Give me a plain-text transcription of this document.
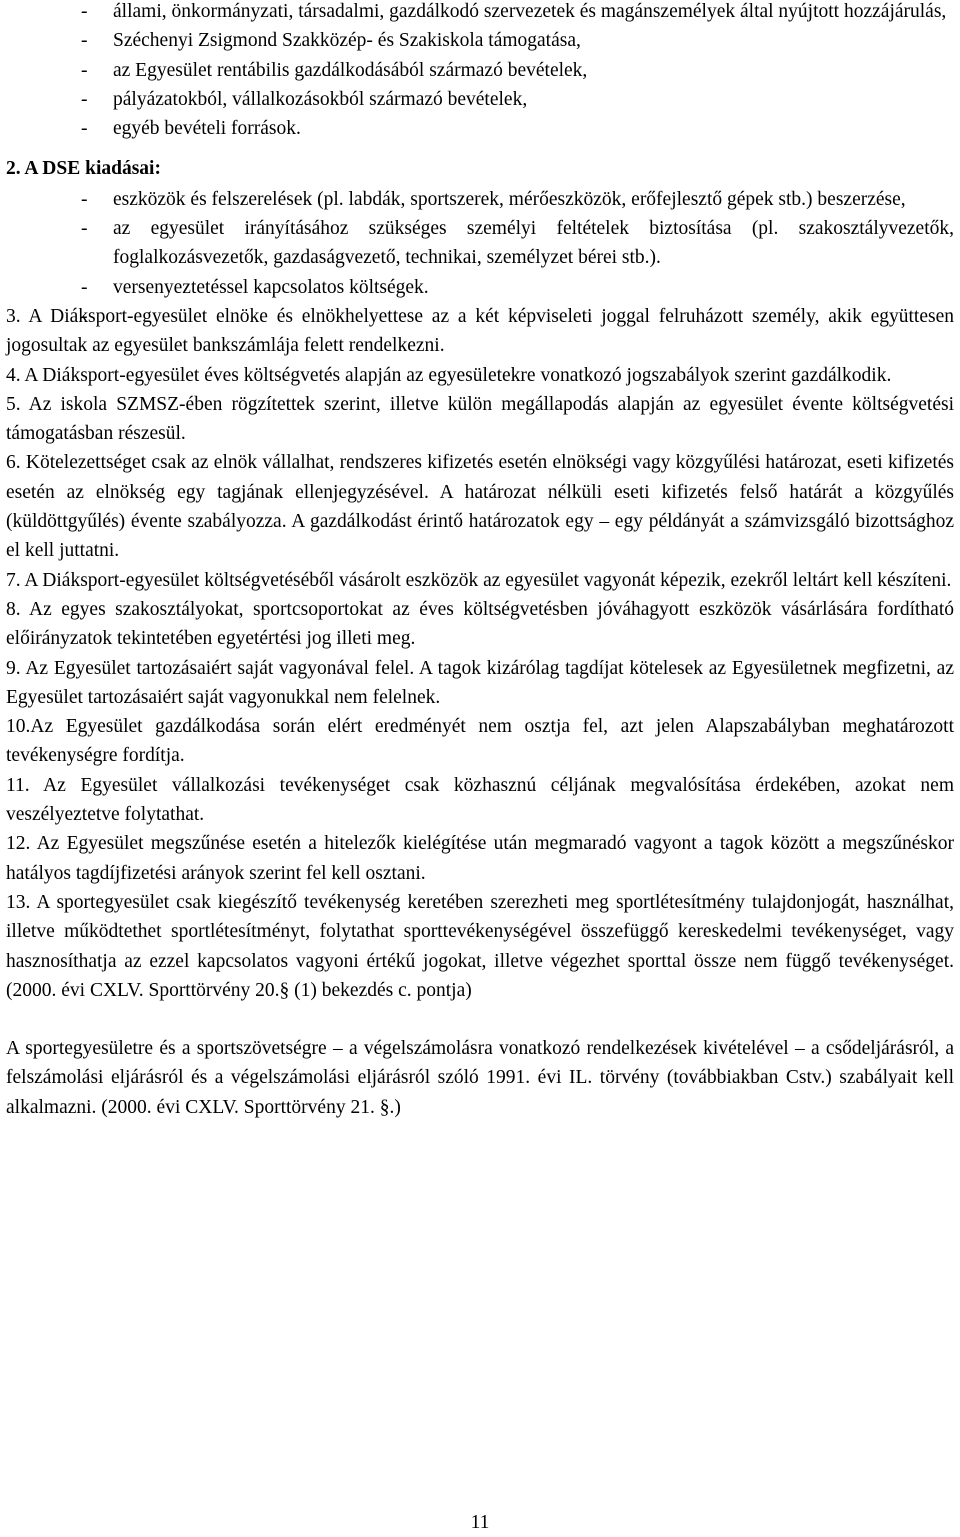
- állami, önkormányzati, társadalmi, gazdálkodó szervezetek és magánszemélyek által nyújtott hozzájárulás,
- Széchenyi Zsigmond Szakközép- és Szakiskola támogatása,
- az Egyesület rentábilis gazdálkodásából származó bevételek,
- pályázatokból, vállalkozásokból származó bevételek,
- egyéb bevételi források.
2. A DSE kiadásai:
- eszközök és felszerelések (pl. labdák, sportszerek, mérőeszközök, erőfejlesztő gépek stb.) beszerzése,
- az egyesület irányításához szükséges személyi feltételek biztosítása (pl. szakosztályvezetők, foglalkozásvezetők, gazdaságvezető, technikai, személyzet bérei stb.).
- versenyeztetéssel kapcsolatos költségek.

3. A Diáksport-egyesület elnöke és elnökhelyettese az a két képviseleti joggal felruházott személy, akik együttesen jogosultak az egyesület bankszámlája felett rendelkezni.

4. A Diáksport-egyesület éves költségvetés alapján az egyesületekre vonatkozó jogszabályok szerint gazdálkodik.

5. Az iskola SZMSZ-ében rögzítettek szerint, illetve külön megállapodás alapján az egyesület évente költségvetési támogatásban részesül.

6. Kötelezettséget csak az elnök vállalhat, rendszeres kifizetés esetén elnökségi vagy közgyűlési határozat, eseti kifizetés esetén az elnökség egy tagjának ellenjegyzésével. A határozat nélküli eseti kifizetés felső határát a közgyűlés (küldöttgyűlés) évente szabályozza. A gazdálkodást érintő határozatok egy – egy példányát a számvizsgáló bizottsághoz el kell juttatni.

7. A Diáksport-egyesület költségvetéséből vásárolt eszközök az egyesület vagyonát képezik, ezekről leltárt kell készíteni.

8. Az egyes szakosztályokat, sportcsoportokat az éves költségvetésben jóváhagyott eszközök vásárlására fordítható előirányzatok tekintetében egyetértési jog illeti meg.

9. Az Egyesület tartozásaiért saját vagyonával felel. A tagok kizárólag tagdíjat kötelesek az Egyesületnek megfizetni, az Egyesület tartozásaiért saját vagyonukkal nem felelnek.

10.Az Egyesület gazdálkodása során elért eredményét nem osztja fel, azt jelen Alapszabályban meghatározott tevékenységre fordítja.

11. Az Egyesület vállalkozási tevékenységet csak közhasznú céljának megvalósítása érdekében, azokat nem veszélyeztetve folytathat.

12. Az Egyesület megszűnése esetén a hitelezők kielégítése után megmaradó vagyont a tagok között a megszűnéskor hatályos tagdíjfizetési arányok szerint fel kell osztani.

13. A sportegyesület csak kiegészítő tevékenység keretében szerezheti meg sportlétesítmény tulajdonjogát, használhat, illetve működtethet sportlétesítményt, folytathat sporttevékenységével összefüggő kereskedelmi tevékenységet, vagy hasznosíthatja az ezzel kapcsolatos vagyoni értékű jogokat, illetve végezhet sporttal össze nem függő tevékenységet. (2000. évi CXLV. Sporttörvény 20.§ (1) bekezdés c. pontja)

A sportegyesületre és a sportszövetségre – a végelszámolásra vonatkozó rendelkezések kivételével – a csődeljárásról, a felszámolási eljárásról és a végelszámolási eljárásról szóló 1991. évi IL. törvény (továbbiakban Cstv.) szabályait kell alkalmazni. (2000. évi CXLV. Sporttörvény 21. §.)

11
